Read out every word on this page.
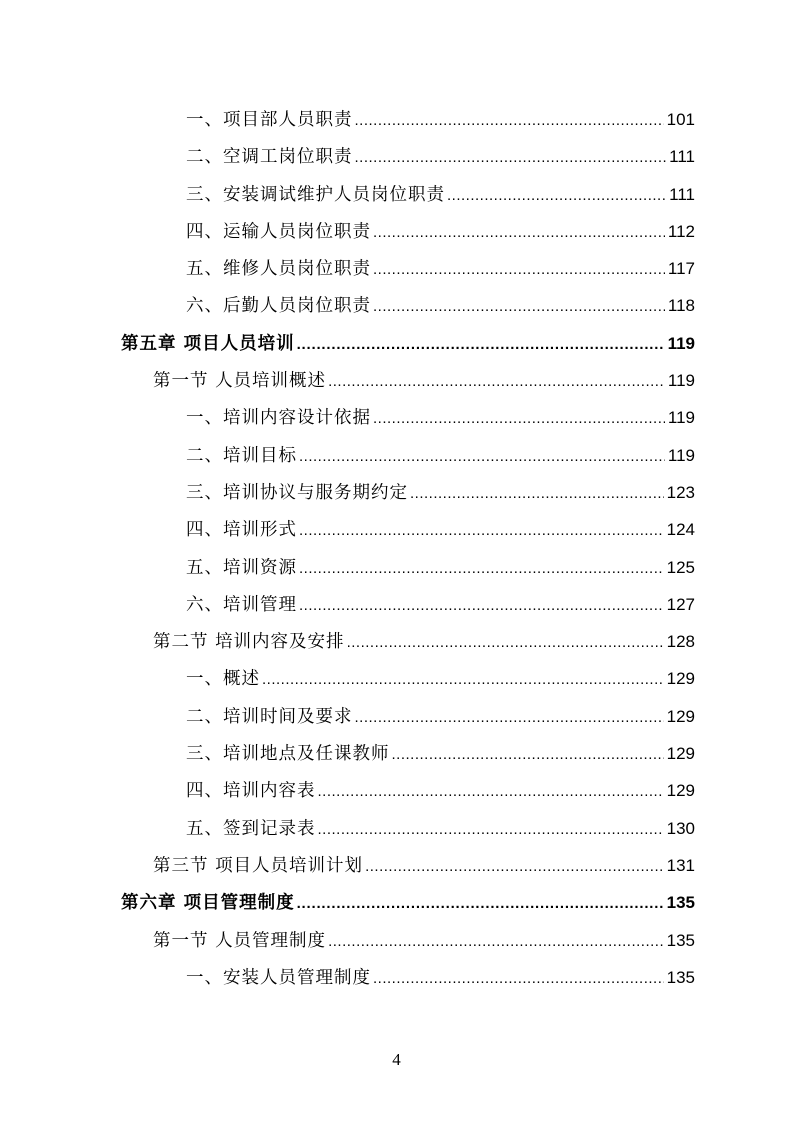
一、项目部人员职责 .....	101
二、空调工岗位职责 .....	111
三、安装调试维护人员岗位职责 .....	111
四、运输人员岗位职责 .....	112
五、维修人员岗位职责 .....	117
六、后勤人员岗位职责 .....	118
第五章 项目人员培训 .....	119
第一节 人员培训概述 .....	119
一、培训内容设计依据 .....	119
二、培训目标 .....	119
三、培训协议与服务期约定 .....	123
四、培训形式 .....	124
五、培训资源 .....	125
六、培训管理 .....	127
第二节 培训内容及安排 .....	128
一、概述 .....	129
二、培训时间及要求 .....	129
三、培训地点及任课教师 .....	129
四、培训内容表 .....	129
五、签到记录表 .....	130
第三节 项目人员培训计划 .....	131
第六章 项目管理制度 .....	135
第一节 人员管理制度 .....	135
一、安装人员管理制度 .....	135
4
